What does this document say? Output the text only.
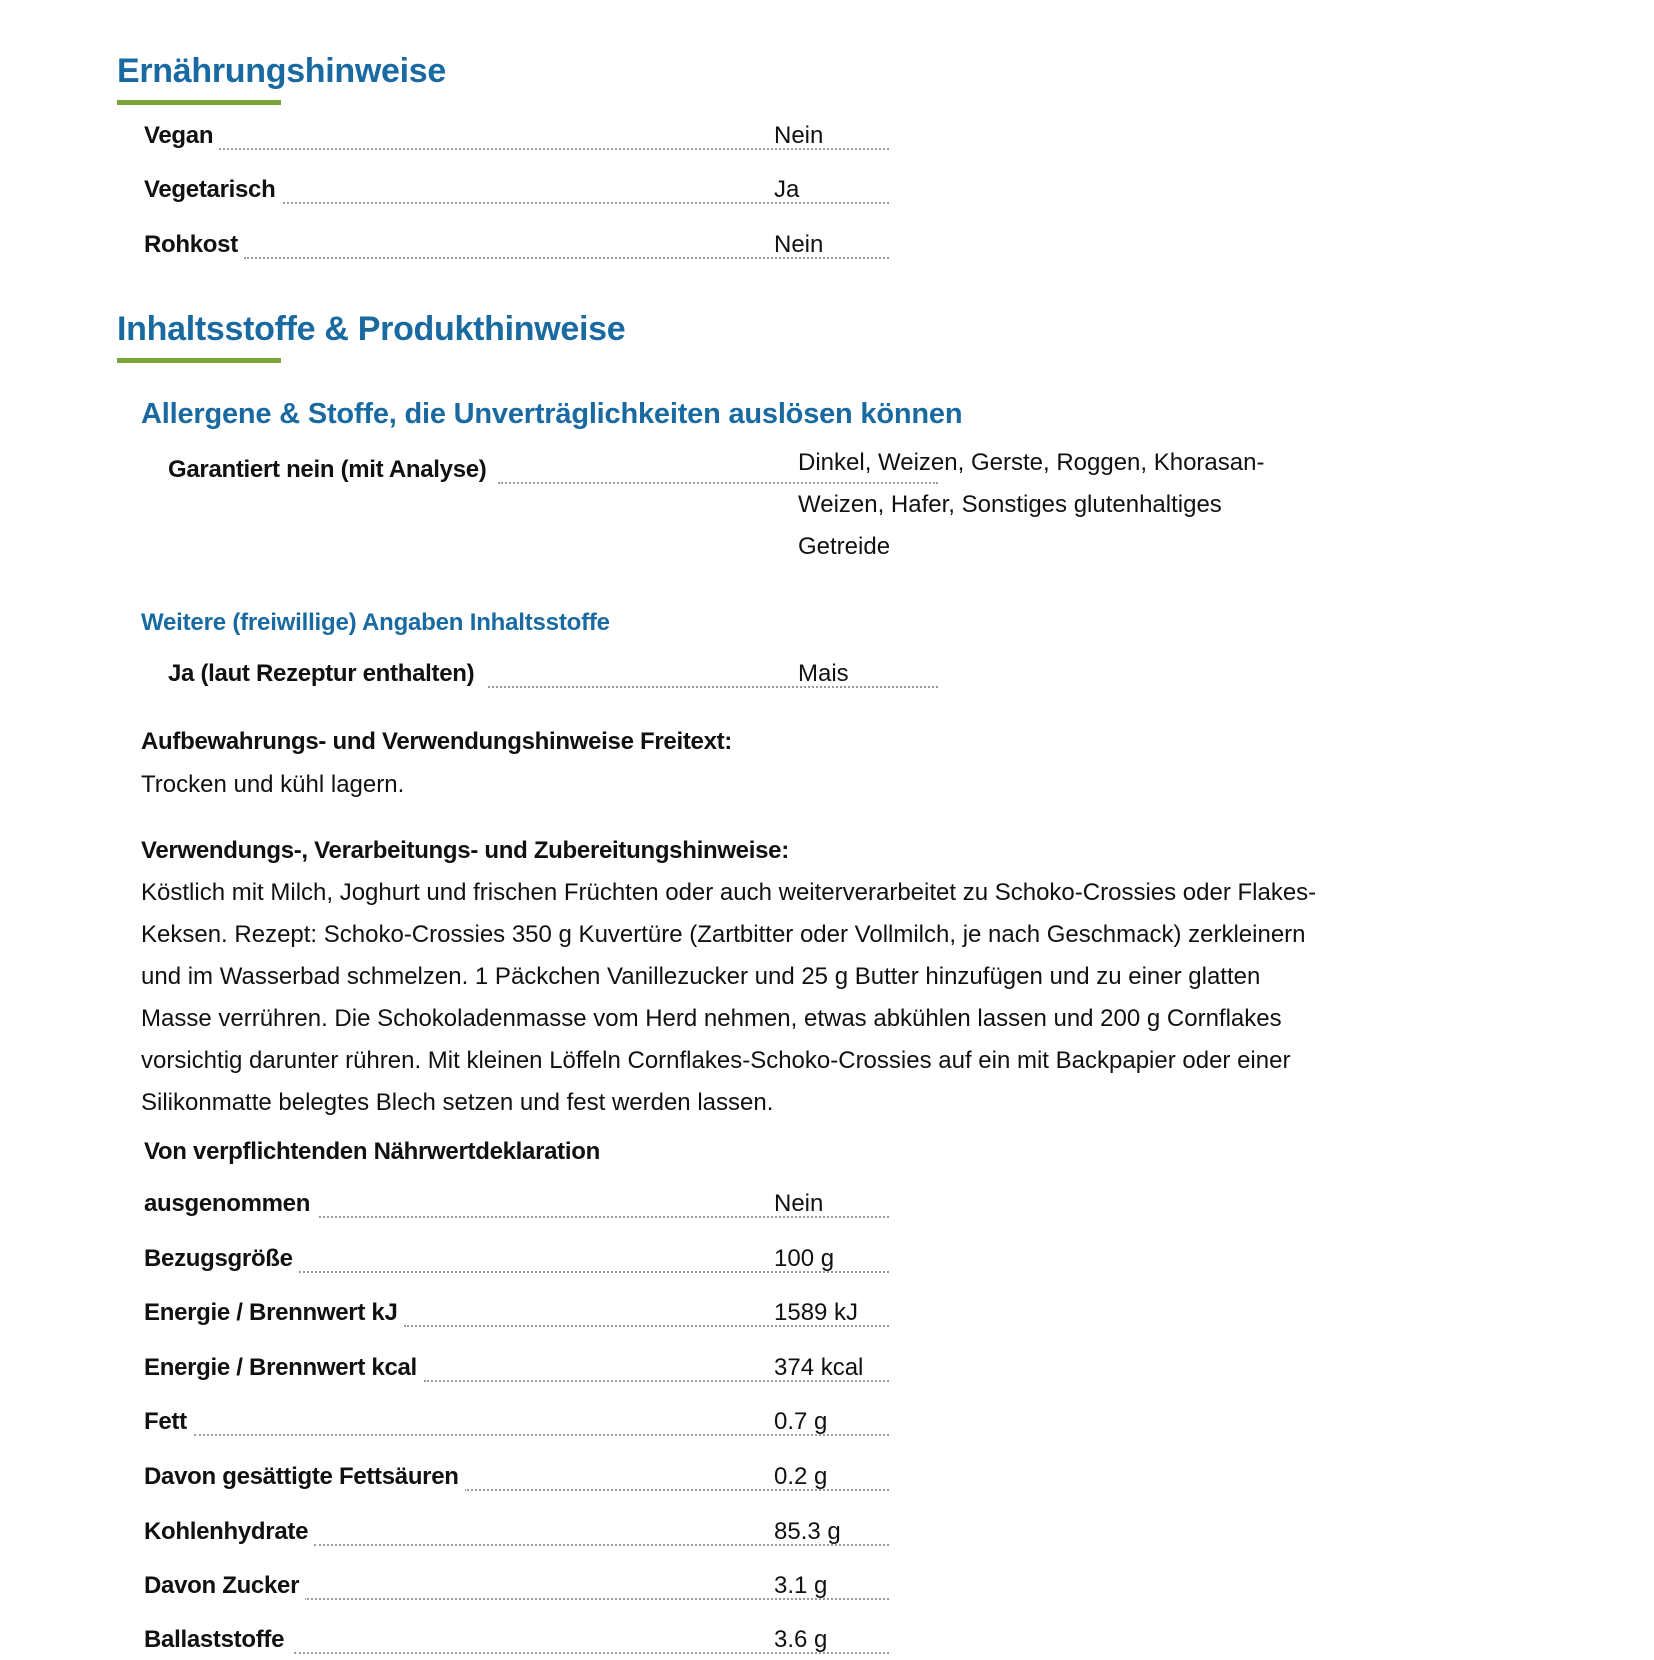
Ernährungshinweise
Vegan	Nein
Vegetarisch	Ja
Rohkost	Nein
Inhaltsstoffe & Produkthinweise
Allergene & Stoffe, die Unverträglichkeiten auslösen können
Garantiert nein (mit Analyse)	Dinkel, Weizen, Gerste, Roggen, Khorasan-
Weizen, Hafer, Sonstiges glutenhaltiges
Getreide
Weitere (freiwillige) Angaben Inhaltsstoffe
Ja (laut Rezeptur enthalten)	Mais
Aufbewahrungs- und Verwendungshinweise Freitext:
Trocken und kühl lagern.
Verwendungs-, Verarbeitungs- und Zubereitungshinweise:
Köstlich mit Milch, Joghurt und frischen Früchten oder auch weiterverarbeitet zu Schoko-Crossies oder Flakes-
Keksen. Rezept: Schoko-Crossies 350 g Kuvertüre (Zartbitter oder Vollmilch, je nach Geschmack) zerkleinern
und im Wasserbad schmelzen. 1 Päckchen Vanillezucker und 25 g Butter hinzufügen und zu einer glatten
Masse verrühren. Die Schokoladenmasse vom Herd nehmen, etwas abkühlen lassen und 200 g Cornflakes
vorsichtig darunter rühren. Mit kleinen Löffeln Cornflakes-Schoko-Crossies auf ein mit Backpapier oder einer
Silikonmatte belegtes Blech setzen und fest werden lassen.
Von verpflichtenden Nährwertdeklaration
ausgenommen	Nein
Bezugsgröße	100 g
Energie / Brennwert kJ	1589 kJ
Energie / Brennwert kcal	374 kcal
Fett	0.7 g
Davon gesättigte Fettsäuren	0.2 g
Kohlenhydrate	85.3 g
Davon Zucker	3.1 g
Ballaststoffe	3.6 g
